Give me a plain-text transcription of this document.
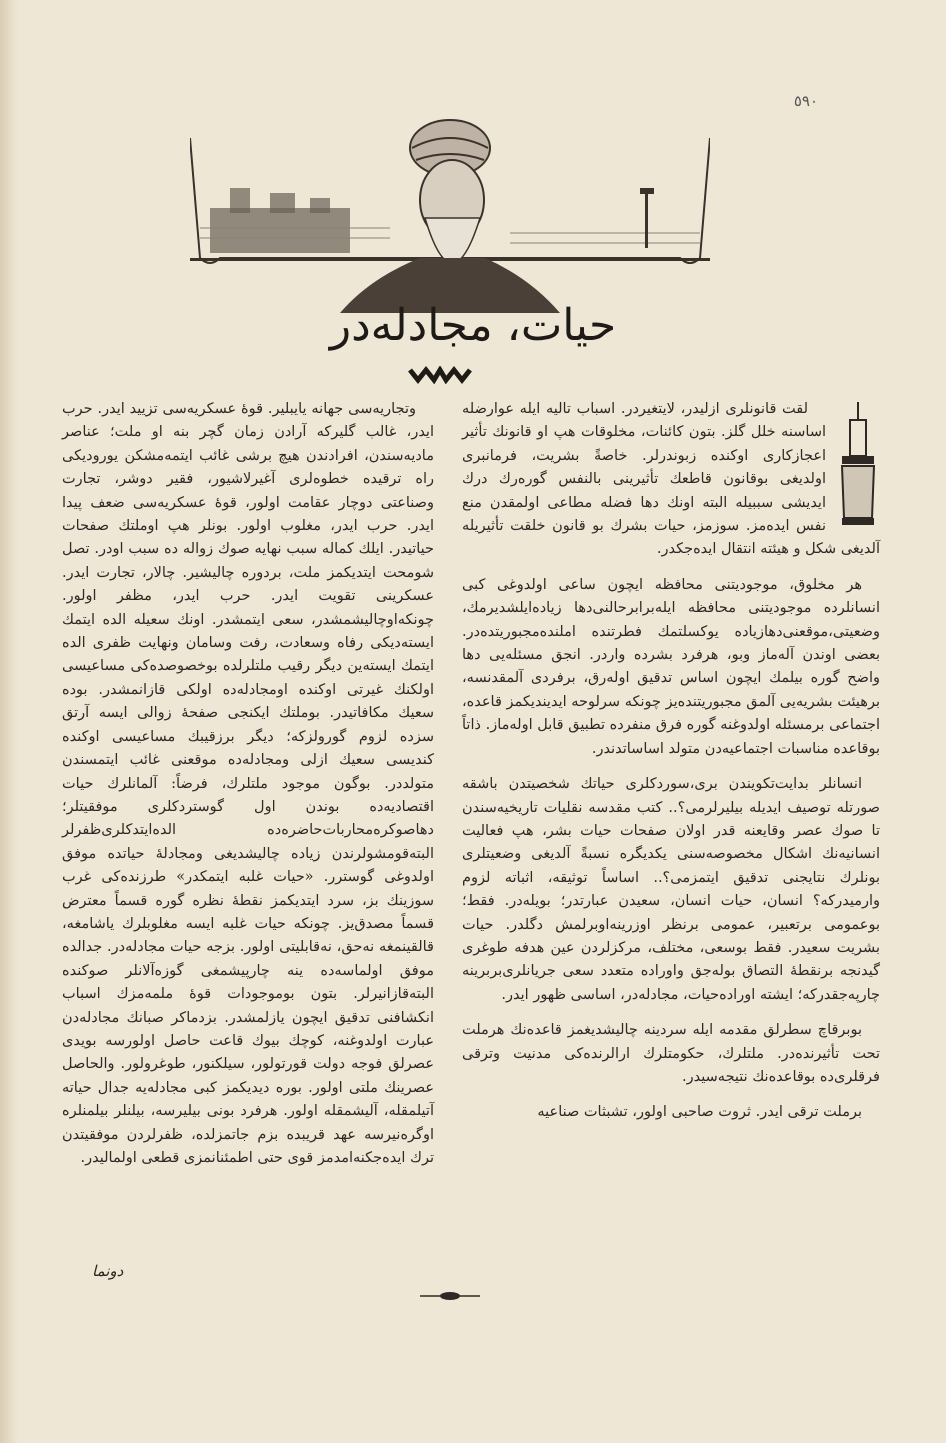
٥٩٠
حيات، مجادله‌در

لقت قانونلری ازلیدر، لایتغیردر. اسباب تاليه ايله عوارضله اساسنه خلل گلز. بتون كائنات، مخلوقات هپ او قانونك تأثير اعجازكاری اوكنده زبوندرلر. خاصةً بشريت، فرمانبری اولديغی بوقانون قاطعك تأثيرينی بالنفس گوره‌رك درك ايديشی سببيله البته اونك دها فضله مطاعی اولمقدن منع نفس ايده‌مز. سوزمز، حيات بشرك بو قانون خلقت تأثيريله آلديغی شكل و هيئته انتقال ايده‌جكدر.

هر مخلوق، موجوديتنی محافظه ايچون ساعی اولدوغی كبی انسانلرده موجوديتنی محافظه ايله‌برابرحالنی‌دها زياده‌ايلشديرمك، وضعيتی،موقعنی‌دهازياده يوكسلتمك فطرتنده املنده‌مجبوريتده‌در. بعضی اوندن آله‌ماز وبو، هرفرد بشرده واردر. انجق مسئله‌يی دها واضح گوره بيلمك ايچون اساس تدقيق اوله‌رق، برفردی آلمقدنسه، برهيئت بشريه‌يی آلمق مجبوريتنده‌يز چونكه سرلوحه ايدينديكمز قاعده، اجتماعی برمسئله اولدوغنه گوره فرق منفرده تطبيق قابل اوله‌ماز. ذاتاً بوقاعده مناسبات اجتماعيه‌دن متولد اساساتدندر.

انسانلر بدايت‌تكويندن بری،سوردكلری حياتك شخصيتدن باشقه صورتله توصيف ايديله بيليرلرمی؟.. كتب مقدسه نقليات تاريخيه‌سندن تا صوك عصر وقايعنه قدر اولان صفحات حيات بشر، هپ فعاليت انسانيه‌نك اشكال مخصوصه‌سنی يكديگره نسبةً آلديغی وضعيتلری بونلرك نتايجنی تدقيق ايتمزمی؟.. اساساً توثيقه، اثباته لزوم وارميدركه؟ انسان، حيات انسان، سعيدن عبارتدر؛ بويله‌در. فقط؛ بوعمومی برتعبير، عمومی برنظر اوزرينه‌اوبرلمش دگلدر. حيات بشريت سعيدر. فقط بوسعی، مختلف، مركزلردن عين هدفه طوغری گيدنجه برنقطهٔ التصاق بوله‌جق واوراده متعدد سعی جريانلری‌بربرينه چارپه‌جقدركه؛ ايشته اوراده‌حيات، مجادله‌در، اساسی ظهور ايدر.

بوبرقاچ سطرلق مقدمه ايله سردينه چاليشديغمز قاعده‌نك هرملت تحت تأثيرنده‌در. ملتلرك، حكومتلرك ارالرنده‌كی مدنيت وترقی فرقلری‌ده بوقاعده‌نك نتيجه‌سيدر.

برملت ترقی ايدر. ثروت صاحبی اولور، تشبثات صناعيه

وتجاريه‌سی جهانه يايبلير. قوهٔ عسكريه‌سی تزييد ايدر. حرب ايدر، غالب گليركه آرادن زمان گچر بنه او ملت؛ عناصر ماديه‌سندن، افرادندن هيچ برشی غائب ايتمه‌مشكن يوروديكی راه ترقيده خطوه‌لری آغيرلاشيور، فقير دوشر، تجارت وصناعتی دوچار عقامت اولور، قوهٔ عسكريه‌سی ضعف پيدا ايدر. حرب ايدر، مغلوب اولور. بونلر هپ اوملتك صفحات حياتيدر. ايلك كماله سبب نهايه صوك زواله ده سبب اودر. تصل شومحت ايتديكمز ملت، بردوره چاليشير. چالار، تجارت ايدر. عسكرينی تقويت ايدر. حرب ايدر، مظفر اولور. چونكه‌اوچاليشمشدر، سعی ايتمشدر. اونك سعيله الده ايتمك ايسته‌ديكی رفاه وسعادت، رفت وسامان ونهايت ظفری الده ايتمك ايسته‌ين ديگر رقيب ملتلرلده بوخصوصده‌كی مساعيسی اولكنك غيرتی اوكنده اومجادله‌ده اولكی قازانمشدر. بوده سعيك مكافاتيدر. بوملتك ايكنجی صفحهٔ زوالی ايسه آرتق سزده لزوم گورولزكه؛ ديگر برزقيبك مساعيسی اوكنده كنديسی سعيك ازلی ومجادله‌ده موقعنی غائب ايتمسندن متولددر. بوگون موجود ملتلرك، فرضاً: آلمانلرك حيات اقتصاديه‌ده بوندن اول گوستردكلری موفقيتلر؛ دهاصوكره‌محاربات‌حاضره‌ده الده‌ايتدكلری‌ظفرلر البته‌قومشولرندن زياده چاليشديغی ومجادلهٔ حياتده موفق اولدوغی گوسترر. «حيات غلبه ايتمكدر» طرزنده‌كی غرب سوزينك بز، سرد ايتديكمز نقطهٔ نظره گوره قسماً معترض قسماً مصدق‌يز. چونكه حيات غلبه ايسه مغلوبلرك ياشامغه، قالقينمغه نه‌حق، نه‌قابليتی اولور. بزجه حيات مجادله‌در. جدالده موفق اولماسه‌ده ينه چارپيشمغی گوزه‌آلانلر صوكنده البته‌قازانيرلر. بتون بوموجودات قوهٔ ملمه‌مزك اسباب انكشافنی تدقيق ايچون يازلمشدر. بزدماكر صبانك مجادله‌دن عبارت اولدوغنه، كوچك بيوك قاعت حاصل اولورسه بويدی عصرلق فوجه دولت قورتولور، سيلكنور، طوغرولور. والحاصل عصرينك ملتی اولور. بوره ديديكمز كبی مجادله‌يه جدال حياته آتيلمقله، آليشمقله اولور. هرفرد بونی بيليرسه، بيلنلر بيلمنلره اوگره‌نيرسه عهد قريبده بزم جاتمزلده، ظفرلردن موفقيتدن ترك ايده‌جكنه‌امدمز قوی حتی اطمئنانمزی قطعی اولماليدر.

دونما
